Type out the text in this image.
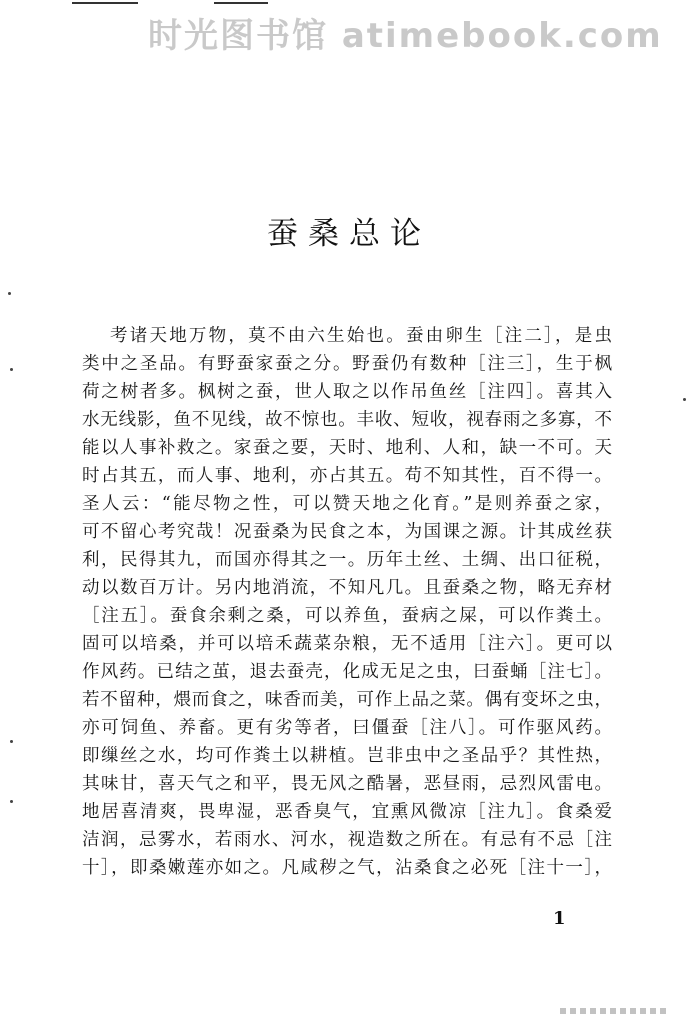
时光图书馆 atimebook.com
蚕桑总论
考诸天地万物，莫不由六生始也。蚕由卵生［注二］，是虫
类中之圣品。有野蚕家蚕之分。野蚕仍有数种［注三］，生于枫
荷之树者多。枫树之蚕，世人取之以作吊鱼丝［注四］。喜其入
水无线影，鱼不见线，故不惊也。丰收、短收，视春雨之多寡，不
能以人事补救之。家蚕之要，天时、地利、人和，缺一不可。天
时占其五，而人事、地利，亦占其五。苟不知其性，百不得一。
圣人云：“能尽物之性，可以赞天地之化育。”是则养蚕之家，
可不留心考究哉！况蚕桑为民食之本，为国课之源。计其成丝获
利，民得其九，而国亦得其之一。历年土丝、土绸、出口征税，
动以数百万计。另内地消流，不知凡几。且蚕桑之物，略无弃材
［注五］。蚕食余剩之桑，可以养鱼，蚕病之屎，可以作粪土。
固可以培桑，并可以培禾蔬菜杂粮，无不适用［注六］。更可以
作风药。已结之茧，退去蚕壳，化成无足之虫，曰蚕蛹［注七］。
若不留种，煨而食之，味香而美，可作上品之菜。偶有变坏之虫，
亦可饲鱼、养畜。更有劣等者，曰僵蚕［注八］。可作驱风药。
即缫丝之水，均可作粪土以耕植。岂非虫中之圣品乎？其性热，
其味甘，喜天气之和平，畏无风之酷暑，恶昼雨，忌烈风雷电。
地居喜清爽，畏卑湿，恶香臭气，宜熏风微凉［注九］。食桑爱
洁润，忌雾水，若雨水、河水，视造数之所在。有忌有不忌［注
十］，即桑嫩莲亦如之。凡咸秽之气，沾桑食之必死［注十一］，
1
